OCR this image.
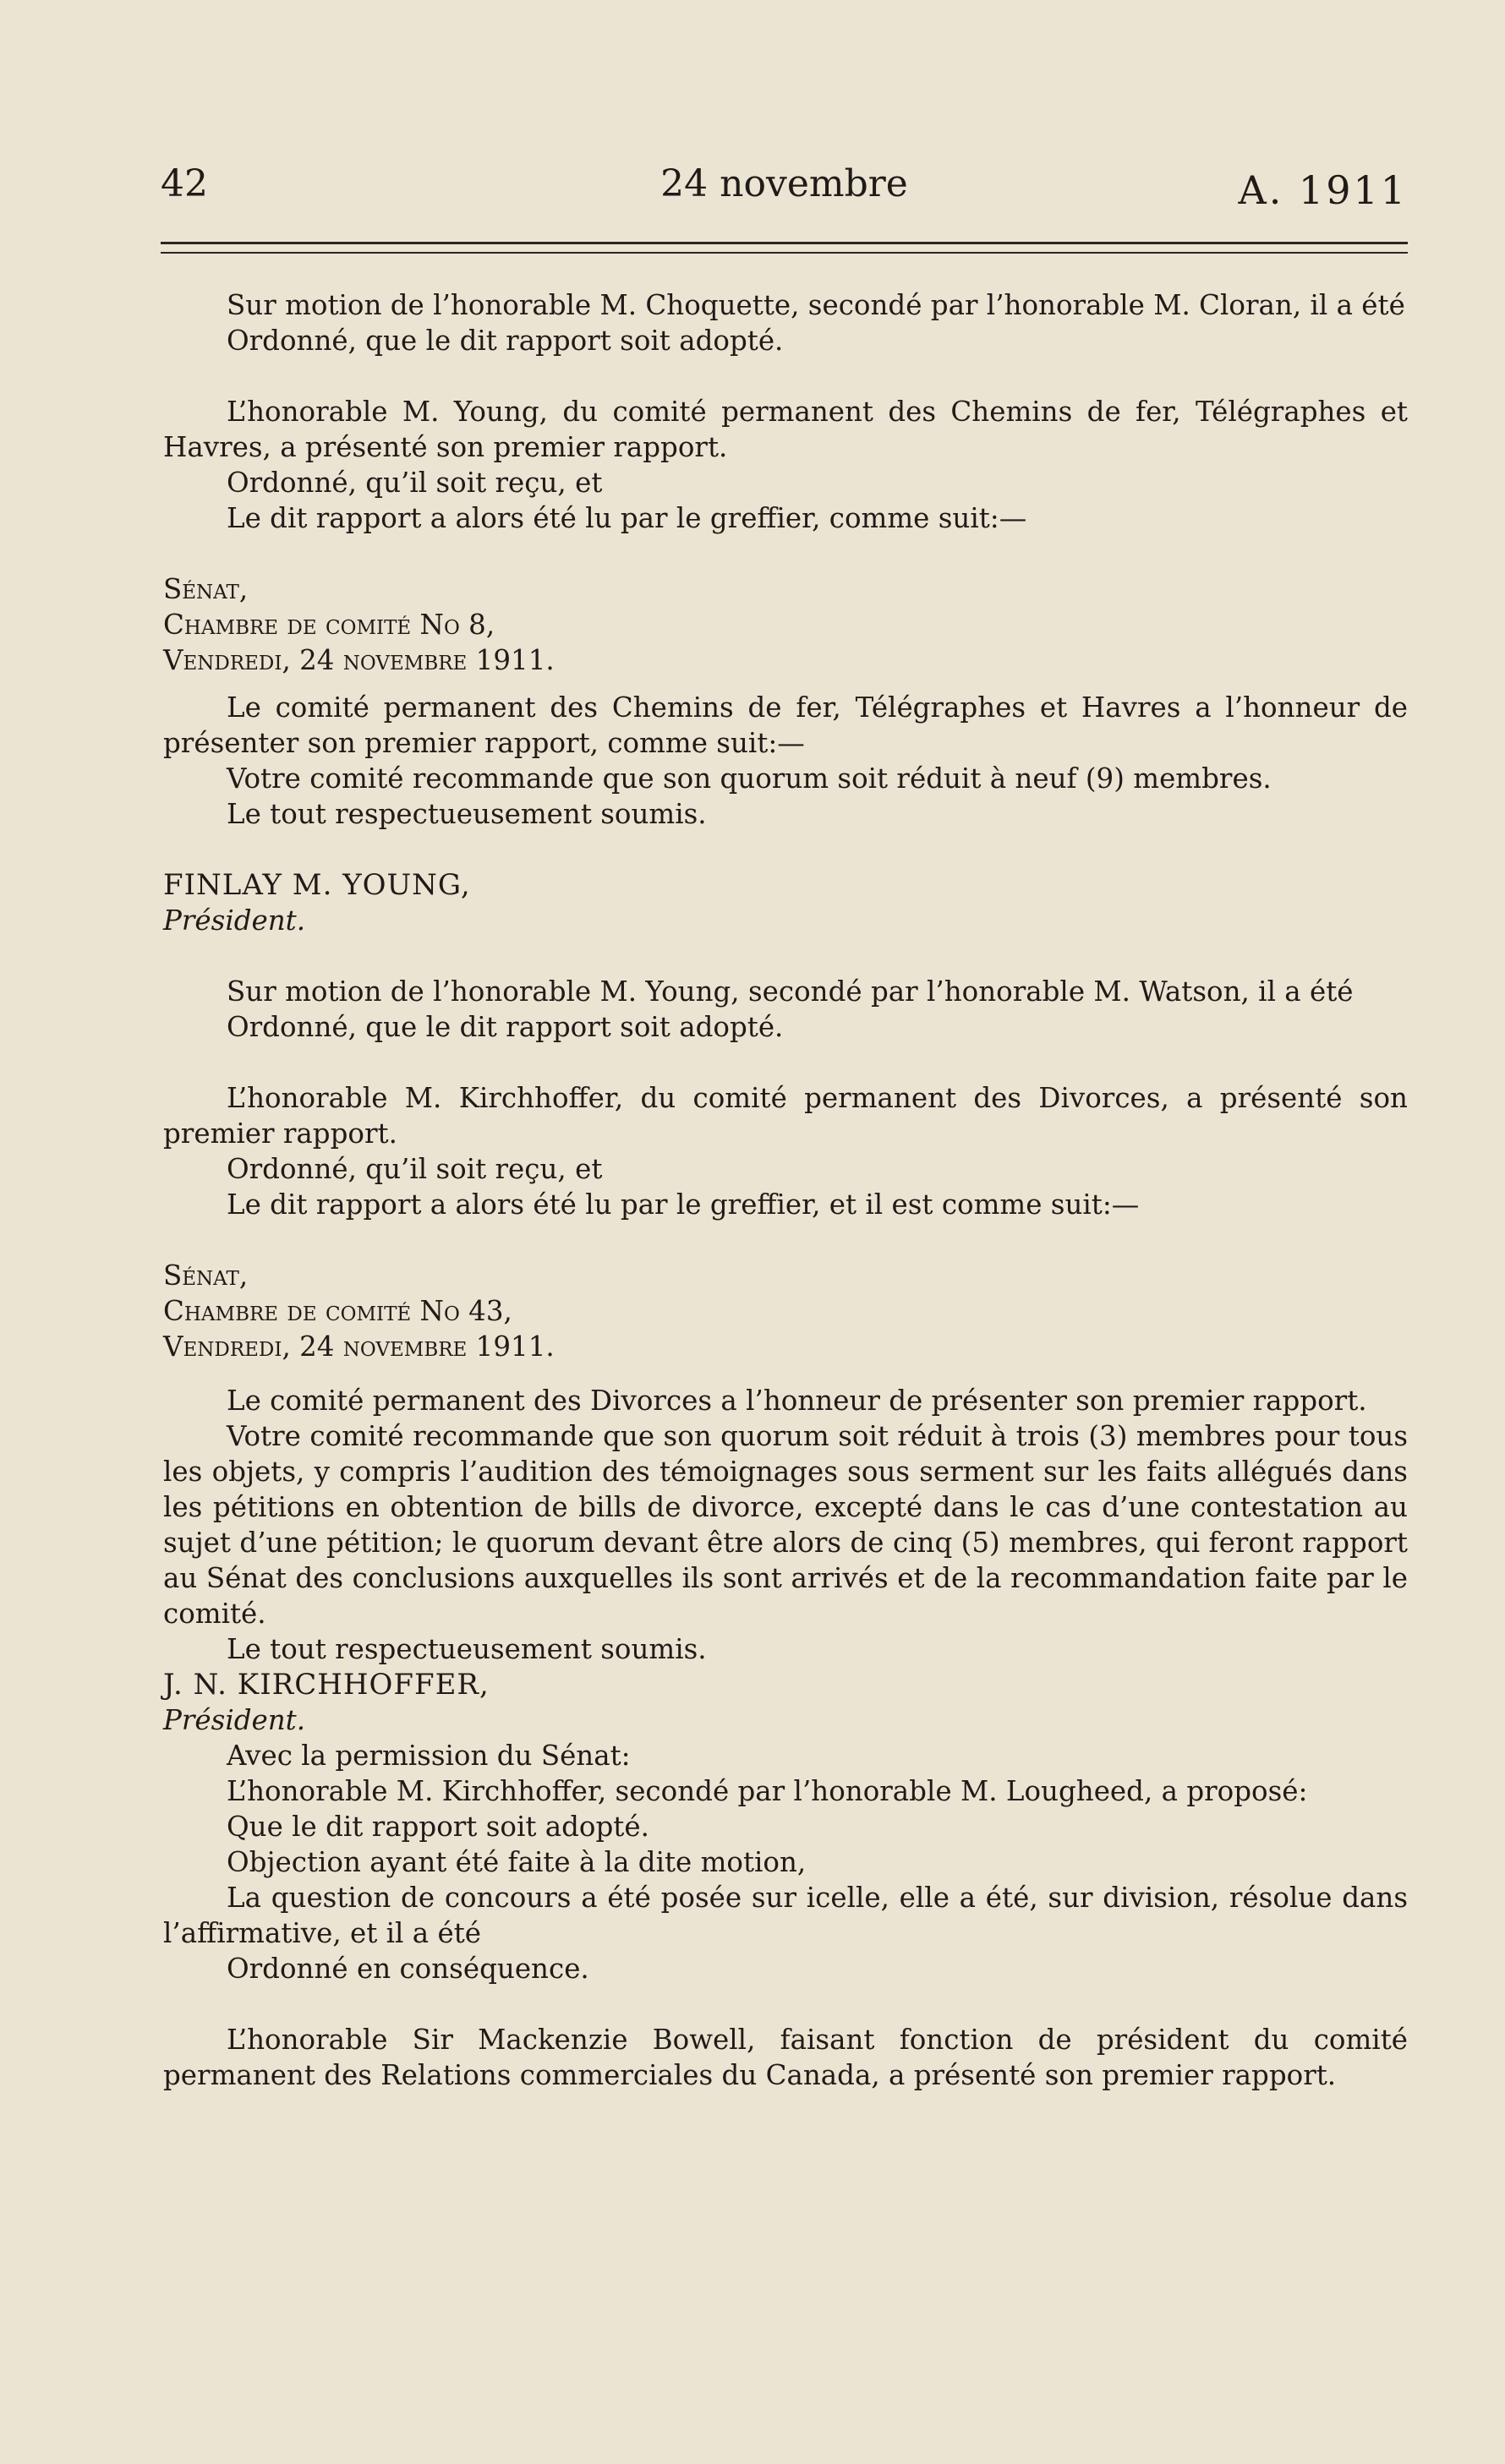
42	24 novembre	A. 1911

Sur motion de l’honorable M. Choquette, secondé par l’honorable M. Cloran, il a été

Ordonné, que le dit rapport soit adopté.

L’honorable M. Young, du comité permanent des Chemins de fer, Télégraphes et Havres, a présenté son premier rapport.

Ordonné, qu’il soit reçu, et

Le dit rapport a alors été lu par le greffier, comme suit:—

Sénat,

Chambre de comité No 8,

Vendredi, 24 novembre 1911.

Le comité permanent des Chemins de fer, Télégraphes et Havres a l’honneur de présenter son premier rapport, comme suit:—

Votre comité recommande que son quorum soit réduit à neuf (9) membres.

Le tout respectueusement soumis.

FINLAY M. YOUNG,

Président.

Sur motion de l’honorable M. Young, secondé par l’honorable M. Watson, il a été

Ordonné, que le dit rapport soit adopté.

L’honorable M. Kirchhoffer, du comité permanent des Divorces, a présenté son premier rapport.

Ordonné, qu’il soit reçu, et

Le dit rapport a alors été lu par le greffier, et il est comme suit:—

Sénat,

Chambre de comité No 43,

Vendredi, 24 novembre 1911.

Le comité permanent des Divorces a l’honneur de présenter son premier rapport.

Votre comité recommande que son quorum soit réduit à trois (3) membres pour tous les objets, y compris l’audition des témoignages sous serment sur les faits allégués dans les pétitions en obtention de bills de divorce, excepté dans le cas d’une contestation au sujet d’une pétition; le quorum devant être alors de cinq (5) membres, qui feront rapport au Sénat des conclusions auxquelles ils sont arrivés et de la recommandation faite par le comité.

Le tout respectueusement soumis.

J. N. KIRCHHOFFER,

Président.

Avec la permission du Sénat:

L’honorable M. Kirchhoffer, secondé par l’honorable M. Lougheed, a proposé:

Que le dit rapport soit adopté.

Objection ayant été faite à la dite motion,

La question de concours a été posée sur icelle, elle a été, sur division, résolue dans l’affirmative, et il a été

Ordonné en conséquence.

L’honorable Sir Mackenzie Bowell, faisant fonction de président du comité permanent des Relations commerciales du Canada, a présenté son premier rapport.
